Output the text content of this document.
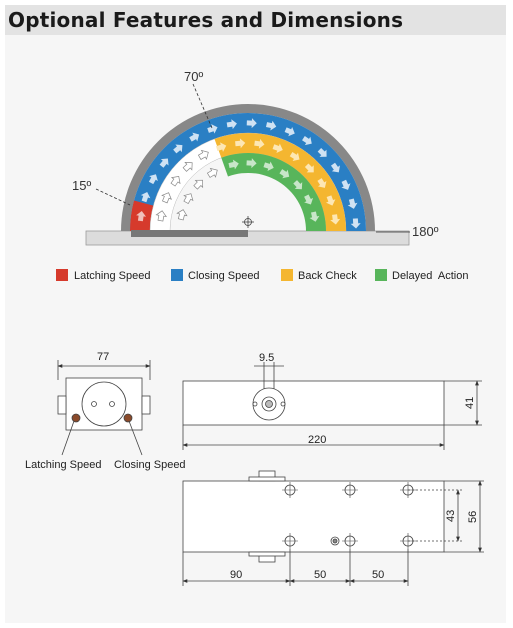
Optional Features and Dimensions
70º
15º
180º
Latching Speed	Closing Speed	Back Check	Delayed  Action
77
Latching Speed Closing Speed
9.5
220
41
90	50	50
43 56
